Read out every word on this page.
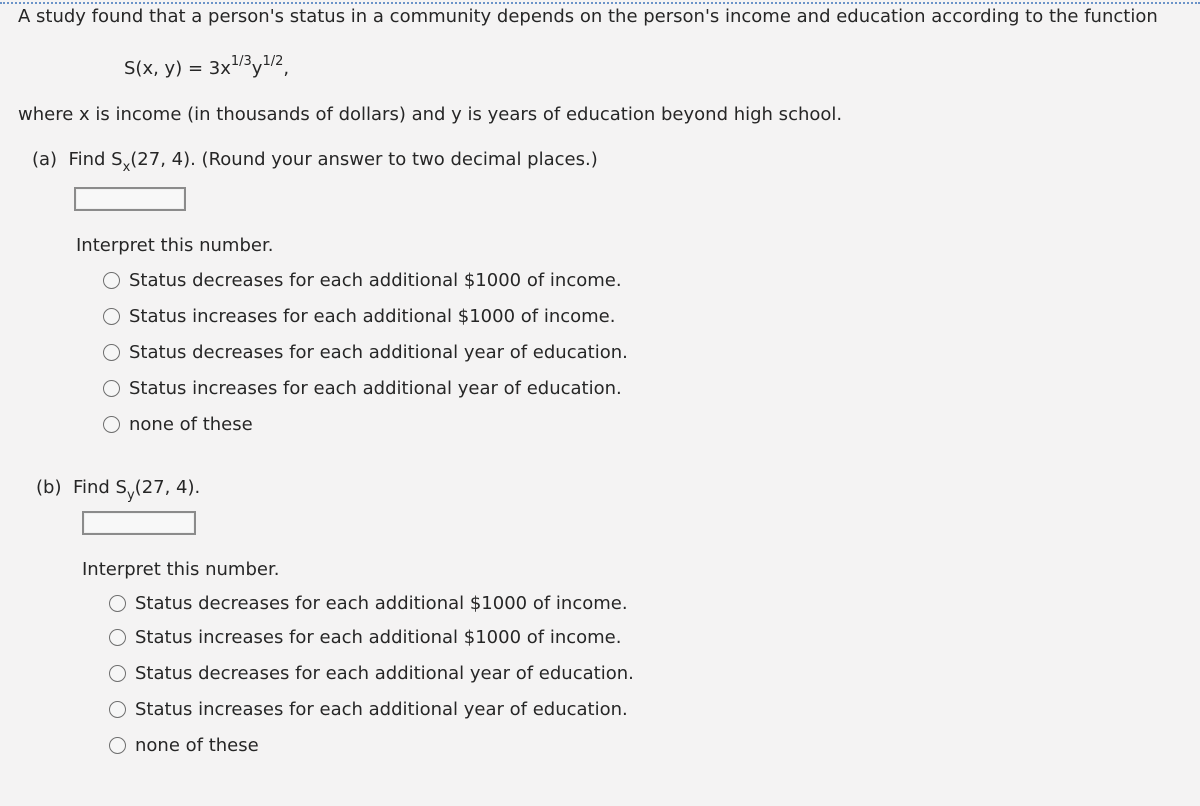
A study found that a person's status in a community depends on the person's income and education according to the function
S(x, $y) = 3x^{1/3}y^{1/2}$,
where x is income (in thousands of dollars) and y is years of education beyond high school.
(a) Find $S_x(27$, 4). (Round your answer to two decimal places.)
Interpret this number.
Status decreases for each additional $1000 of income.
Status increases for each additional $1000 of income.
Status decreases for each additional year of education.
Status increases for each additional year of education.
none of these
(b) Find $S_y(27$, 4).
Interpret this number.
Status decreases for each additional $1000 of income.
Status increases for each additional $1000 of income.
Status decreases for each additional year of education.
Status increases for each additional year of education.
none of these
